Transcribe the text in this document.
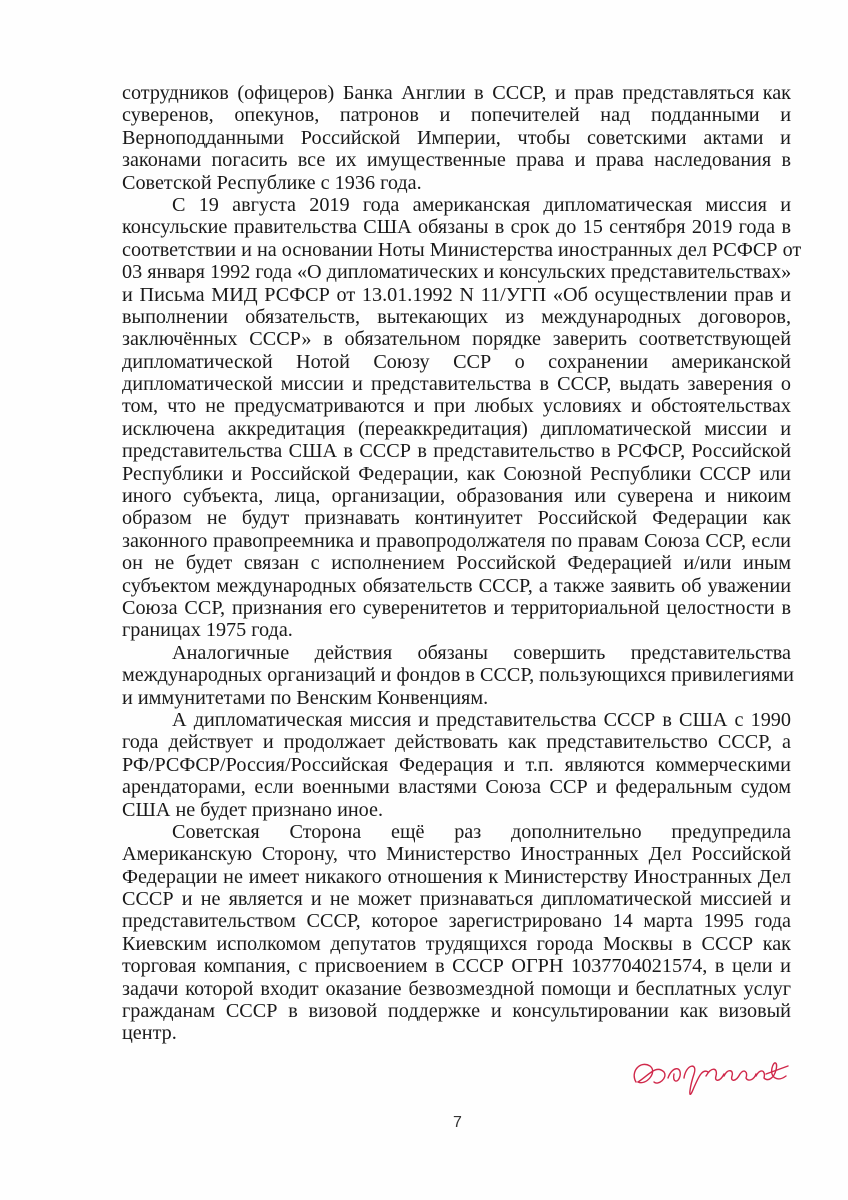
сотрудников (офицеров) Банка Англии в СССР, и прав представляться как
суверенов, опекунов, патронов и попечителей над подданными и
Верноподданными Российской Империи, чтобы советскими актами и
законами погасить все их имущественные права и права наследования в
Советской Республике с 1936 года.
С 19 августа 2019 года американская дипломатическая миссия и
консульские правительства США обязаны в срок до 15 сентября 2019 года в
соответствии и на основании Ноты Министерства иностранных дел РСФСР от
03 января 1992 года «О дипломатических и консульских представительствах»
и Письма МИД РСФСР от 13.01.1992 N 11/УГП «Об осуществлении прав и
выполнении обязательств, вытекающих из международных договоров,
заключённых СССР» в обязательном порядке заверить соответствующей
дипломатической Нотой Союзу ССР о сохранении американской
дипломатической миссии и представительства в СССР, выдать заверения о
том, что не предусматриваются и при любых условиях и обстоятельствах
исключена аккредитация (переаккредитация) дипломатической миссии и
представительства США в СССР в представительство в РСФСР, Российской
Республики и Российской Федерации, как Союзной Республики СССР или
иного субъекта, лица, организации, образования или суверена и никоим
образом не будут признавать континуитет Российской Федерации как
законного правопреемника и правопродолжателя по правам Союза ССР, если
он не будет связан с исполнением Российской Федерацией и/или иным
субъектом международных обязательств СССР, а также заявить об уважении
Союза ССР, признания его суверенитетов и территориальной целостности в
границах 1975 года.
Аналогичные действия обязаны совершить представительства
международных организаций и фондов в СССР, пользующихся привилегиями
и иммунитетами по Венским Конвенциям.
А дипломатическая миссия и представительства СССР в США с 1990
года действует и продолжает действовать как представительство СССР, а
РФ/РСФСР/Россия/Российская Федерация и т.п. являются коммерческими
арендаторами, если военными властями Союза ССР и федеральным судом
США не будет признано иное.
Советская Сторона ещё раз дополнительно предупредила
Американскую Сторону, что Министерство Иностранных Дел Российской
Федерации не имеет никакого отношения к Министерству Иностранных Дел
СССР и не является и не может признаваться дипломатической миссией и
представительством СССР, которое зарегистрировано 14 марта 1995 года
Киевским исполкомом депутатов трудящихся города Москвы в СССР как
торговая компания, с присвоением в СССР ОГРН 1037704021574, в цели и
задачи которой входит оказание безвозмездной помощи и бесплатных услуг
гражданам СССР в визовой поддержке и консультировании как визовый
центр.
7
